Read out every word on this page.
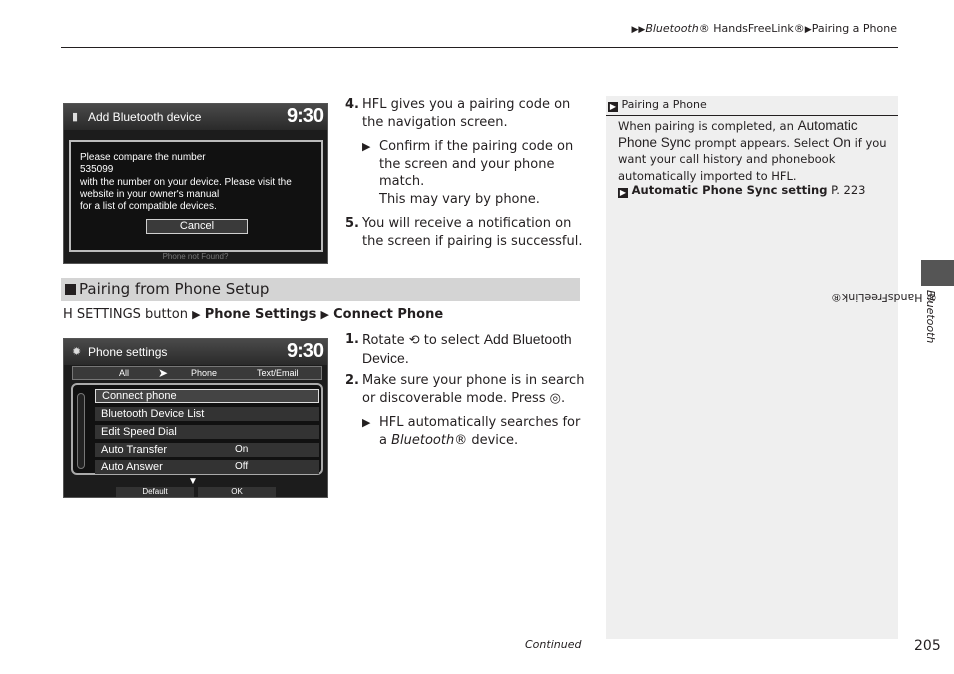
▶▶Bluetooth® HandsFreeLink®▶Pairing a Phone
▮ Add Bluetooth device	9:30
Please compare the number
535099
with the number on your device. Please visit the
website in your owner's manual
for a list of compatible devices.
Cancel
Phone not Found?
4. HFL gives you a pairing code on the navigation screen.
▶ Confirm if the pairing code on the screen and your phone match.
This may vary by phone.
5. You will receive a notification on the screen if pairing is successful.
Pairing from Phone Setup
H SETTINGS button ▶ Phone Settings ▶ Connect Phone
✹ Phone settings	9:30
All ➤	Phone	Text/Email
Connect phone
Bluetooth Device List
Edit Speed Dial
Auto Transfer	On
Auto Answer	Off
▼
Default	OK
1. Rotate ⟲ to select Add Bluetooth Device.
2. Make sure your phone is in search or discoverable mode. Press ◎.
▶ HFL automatically searches for a Bluetooth® device.
▶ Pairing a Phone
When pairing is completed, an Automatic Phone Sync prompt appears. Select On if you want your call history and phonebook automatically imported to HFL.
▶ Automatic Phone Sync setting P. 223
Bluetooth
® HandsFreeLink®
Continued	205
